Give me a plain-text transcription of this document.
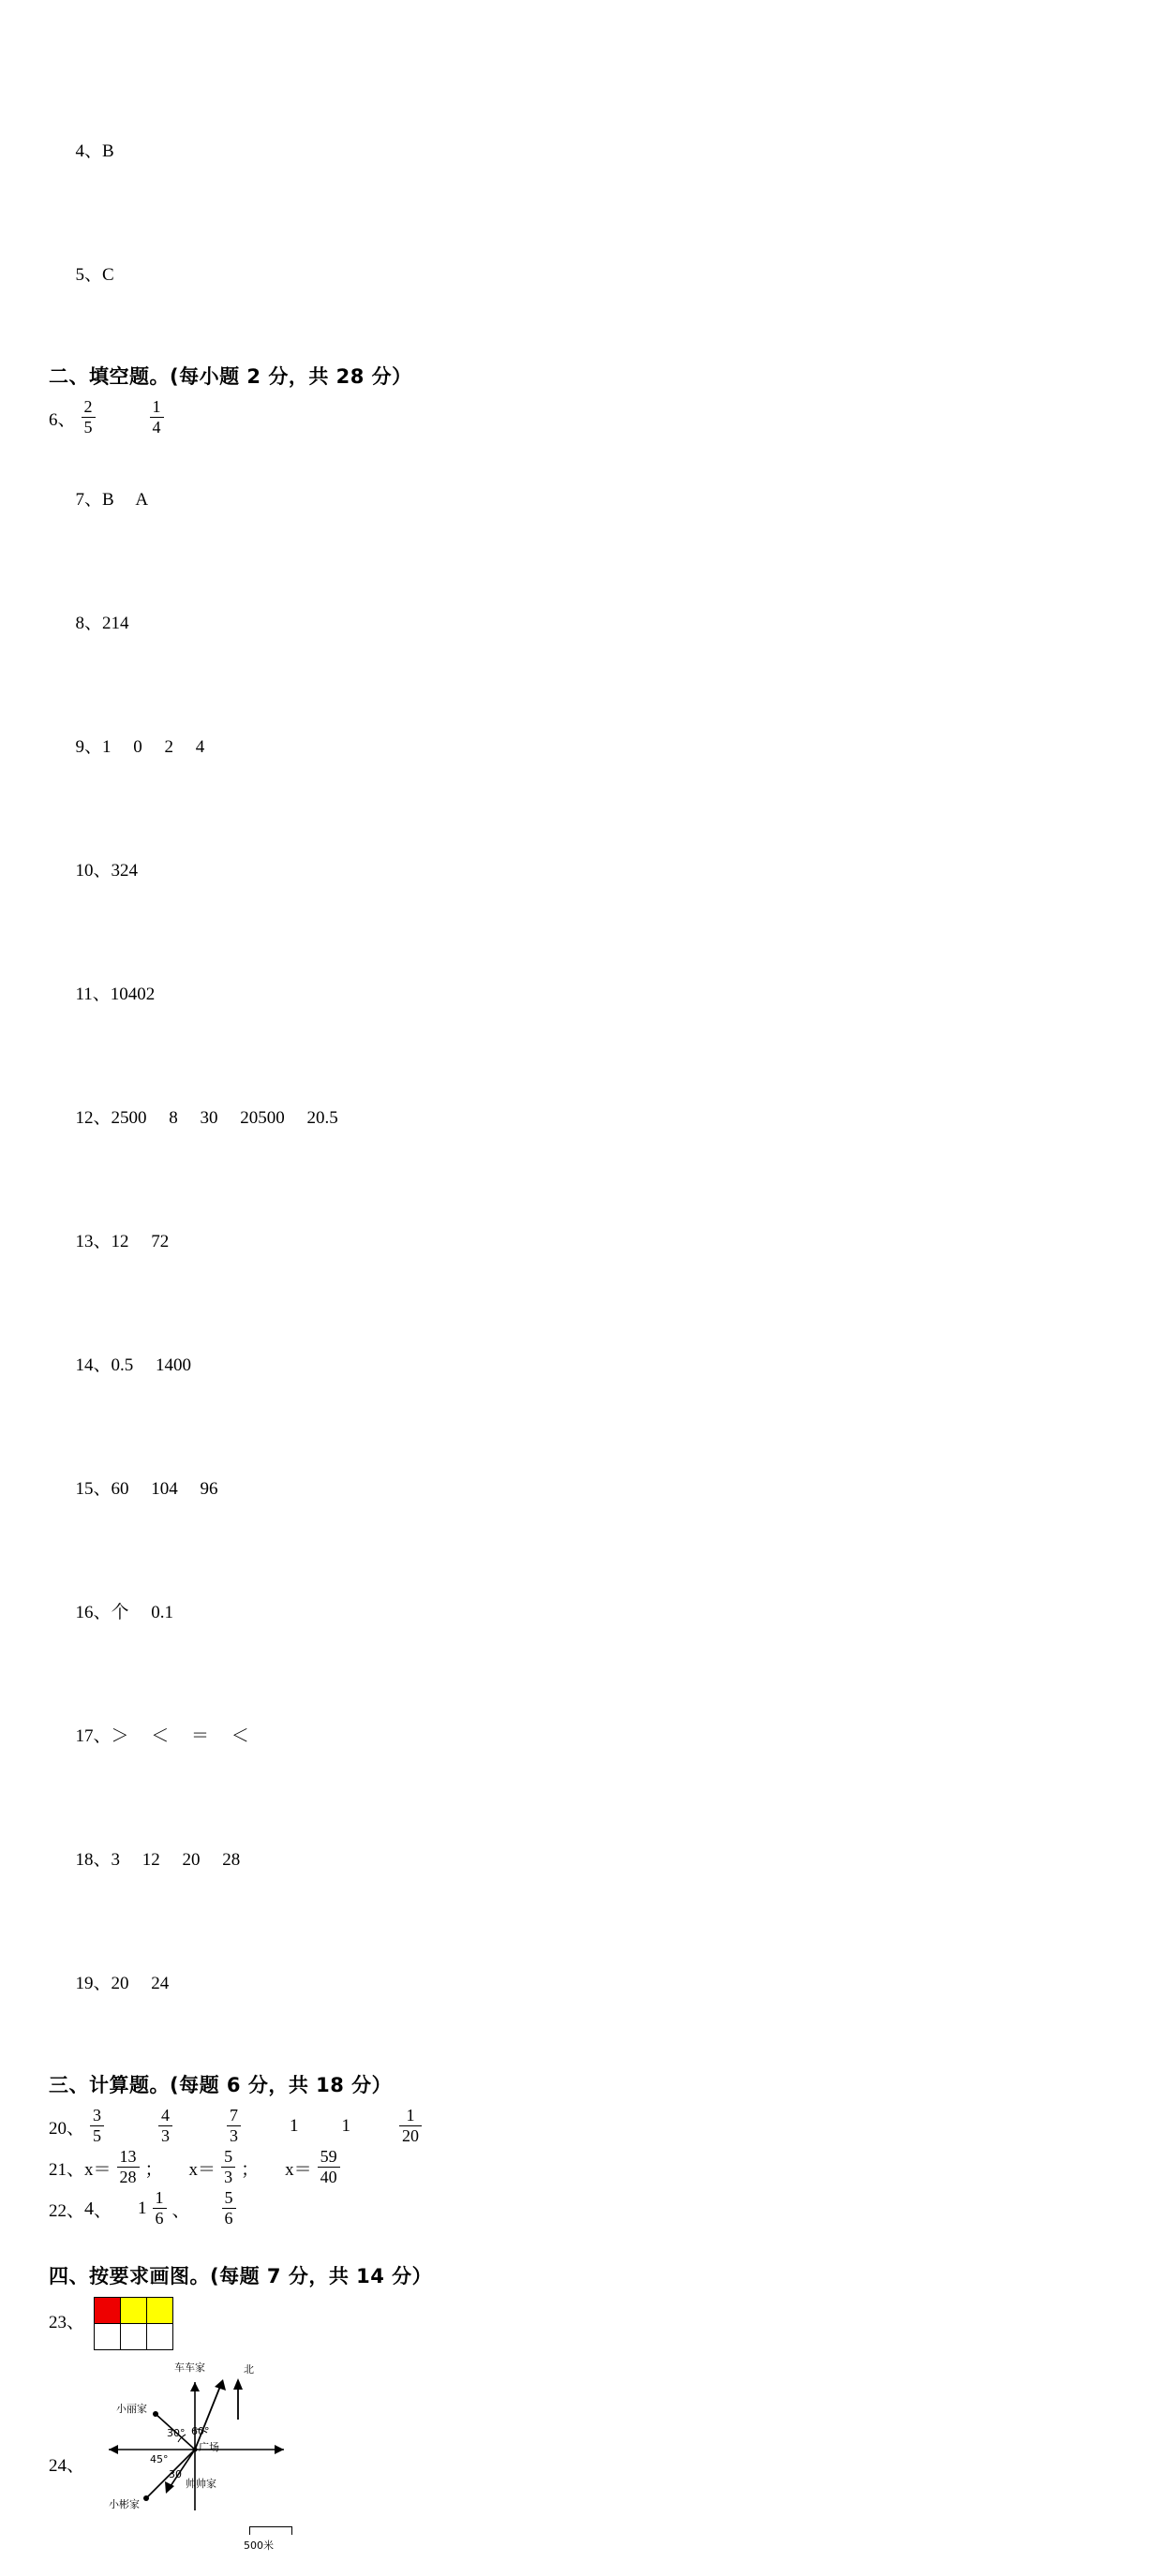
4、B

5、C

二、填空题。(每小题 2 分，共 28 分）
6、 $\frac{2}{5}$	$\frac{1}{4}$

7、B     A

8、214

9、1     0     2     4

10、324

11、10402

12、2500     8     30     20500     20.5

13、12     72

14、0.5     1400

15、60     104     96

16、个     0.1

17、＞     ＜     ＝     ＜

18、3     12     20     28

19、20     24

三、计算题。(每题 6 分，共 18 分）
20、 $\frac{3}{5}$	$\frac{4}{3}$	$\frac{7}{3}$	1 1	$\frac{1}{20}$
21、 $x= \frac{13}{28}$ ； $x= \frac{5}{3}$ ； $x= \frac{59}{40}$
22、 4 、 $1 \frac{1}{6}$ 、 $\frac{5}{6}$
四、按要求画图。(每题 7 分，共 14 分）
23、

24、
车车家	北
小丽家
30° 60°
广场
45°
30
帅帅家
小彬家
500米
